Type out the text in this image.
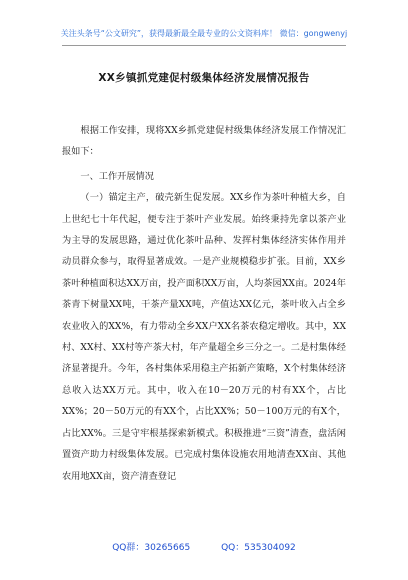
关注头条号“公文研究”，获得最新最全最专业的公文资料库！ 微信：gongwenyj
XX乡镇抓党建促村级集体经济发展情况报告

根据工作安排，现将XX乡抓党建促村级集体经济发展工作情况汇报如下：

一、工作开展情况

（一）锚定主产，破壳新生促发展。XX乡作为茶叶种植大乡，自上世纪七十年代起，便专注于茶叶产业发展。始终秉持先拿以茶产业为主导的发展思路，通过优化茶叶品种、发挥村集体经济实体作用并动员群众参与，取得显著成效。一是产业规模稳步扩张。目前，XX乡茶叶种植面积达XX万亩，投产面积XX万亩，人均茶园XX亩。2024年茶青下树量XX吨，干茶产量XX吨，产值达XX亿元，茶叶收入占全乡农业收入的XX%，有力带动全乡XX户XX名茶农稳定增收。其中，XX村、XX村、XX村等产茶大村，年产量超全乡三分之一。二是村集体经济显著提升。今年，各村集体采用稳主产拓新产策略，X个村集体经济总收入达XX万元。其中，收入在10－20万元的村有XX个，占比XX%；20－50万元的有XX个，占比XX%；50－100万元的有X个，占比XX%。三是守牢根基探索新模式。积极推进“三资”清查，盘活闲置资产助力村级集体发展。已完成村集体设施农用地清查XX亩、其他农用地XX亩，资产清查登记

QQ群：30265665	QQ：535304092
